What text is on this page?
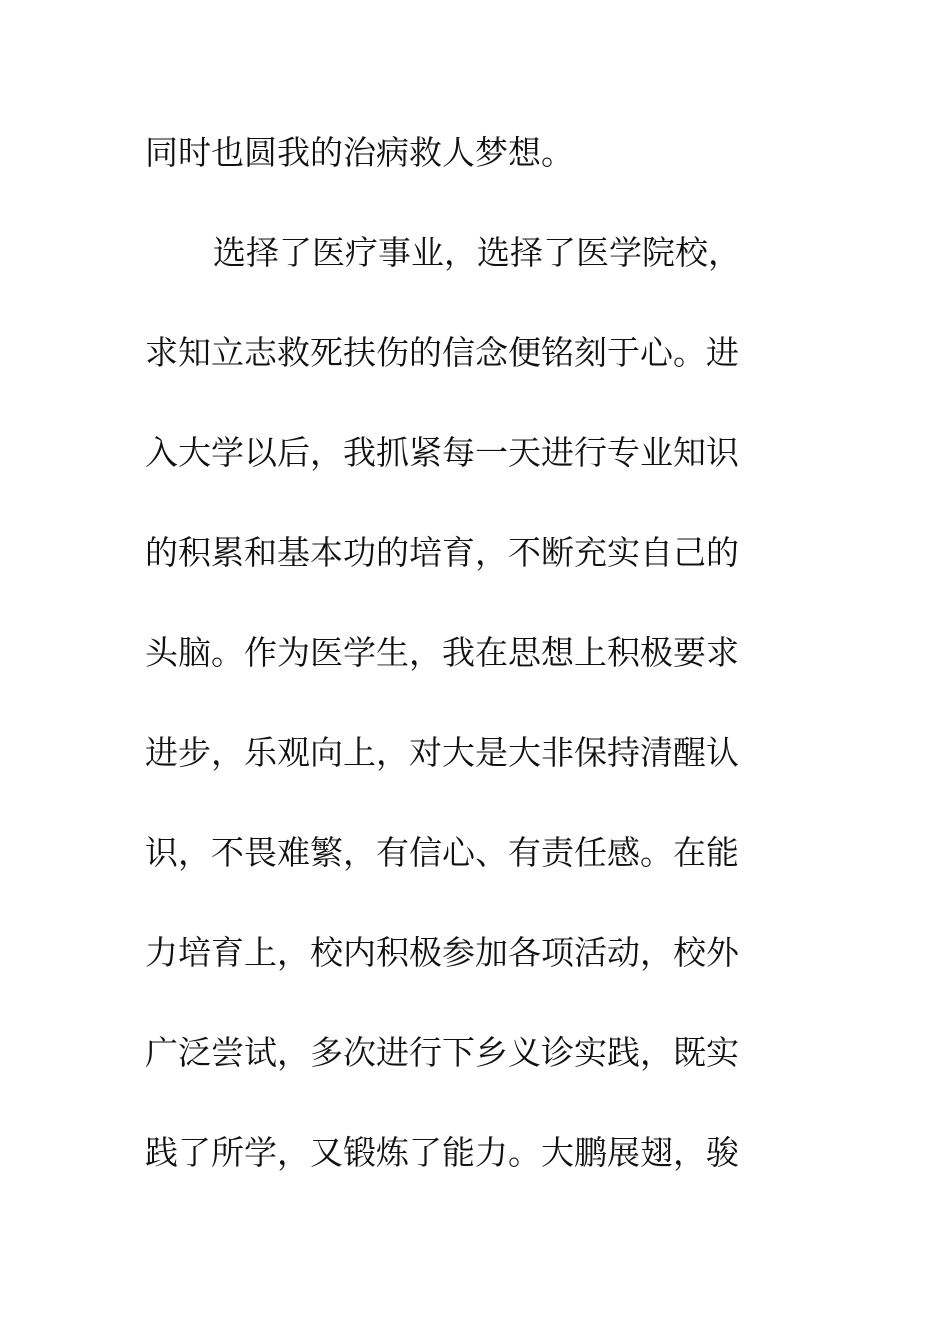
同时也圆我的治病救人梦想。
选择了医疗事业，选择了医学院校，
求知立志救死扶伤的信念便铭刻于心。进
入大学以后，我抓紧每一天进行专业知识
的积累和基本功的培育，不断充实自己的
头脑。作为医学生，我在思想上积极要求
进步，乐观向上，对大是大非保持清醒认
识，不畏难繁，有信心、有责任感。在能
力培育上，校内积极参加各项活动，校外
广泛尝试，多次进行下乡义诊实践，既实
践了所学，又锻炼了能力。大鹏展翅，骏
